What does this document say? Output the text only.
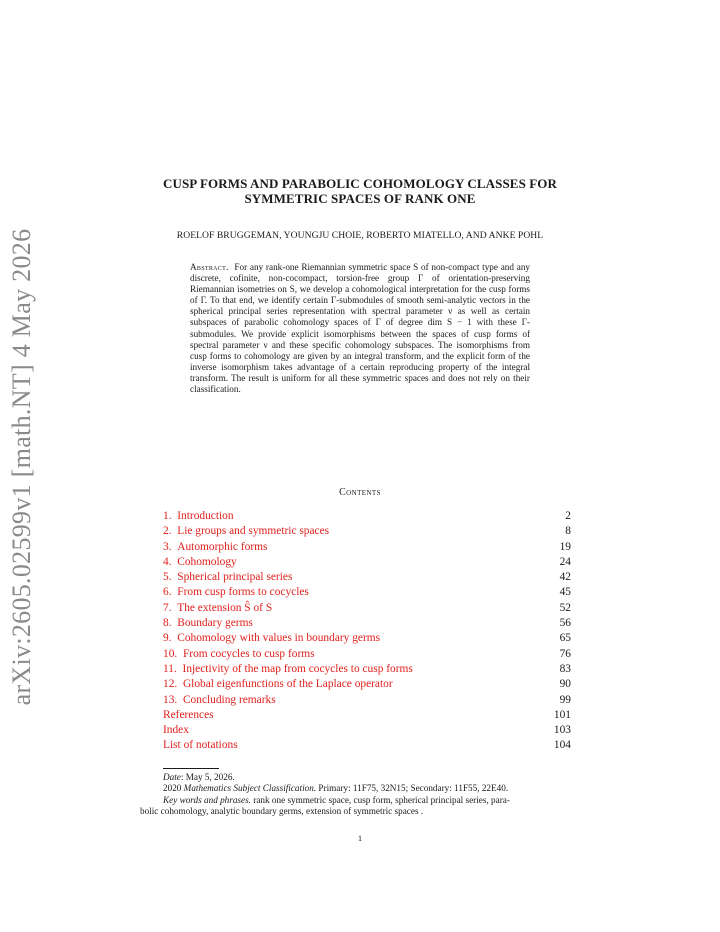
arXiv:2605.02599v1 [math.NT] 4 May 2026
CUSP FORMS AND PARABOLIC COHOMOLOGY CLASSES FOR
SYMMETRIC SPACES OF RANK ONE
ROELOF BRUGGEMAN, YOUNGJU CHOIE, ROBERTO MIATELLO, AND ANKE POHL
Abstract. For any rank-one Riemannian symmetric space S of non-compact type and any discrete, cofinite, non-cocompact, torsion-free group Γ of orientation-preserving Riemannian isometries on S, we develop a cohomological interpretation for the cusp forms of Γ. To that end, we identify certain Γ-submodules of smooth semi-analytic vectors in the spherical principal series representation with spectral parameter ν as well as certain subspaces of parabolic cohomology spaces of Γ of degree dim S − 1 with these Γ-submodules. We provide explicit isomorphisms between the spaces of cusp forms of spectral parameter ν and these specific cohomology subspaces. The isomorphisms from cusp forms to cohomology are given by an integral transform, and the explicit form of the inverse isomorphism takes advantage of a certain reproducing property of the integral transform. The result is uniform for all these symmetric spaces and does not rely on their classification.
Contents
1.  Introduction	2
2.  Lie groups and symmetric spaces	8
3.  Automorphic forms	19
4.  Cohomology	24
5.  Spherical principal series	42
6.  From cusp forms to cocycles	45
7.  The extension Ŝ of S	52
8.  Boundary germs	56
9.  Cohomology with values in boundary germs	65
10.  From cocycles to cusp forms	76
11.  Injectivity of the map from cocycles to cusp forms	83
12.  Global eigenfunctions of the Laplace operator	90
13.  Concluding remarks	99
References	101
Index	103
List of notations	104
Date: May 5, 2026.
2020 Mathematics Subject Classification. Primary: 11F75, 32N15; Secondary: 11F55, 22E40.
Key words and phrases. rank one symmetric space, cusp form, spherical principal series, para-
bolic cohomology, analytic boundary germs, extension of symmetric spaces .
1
